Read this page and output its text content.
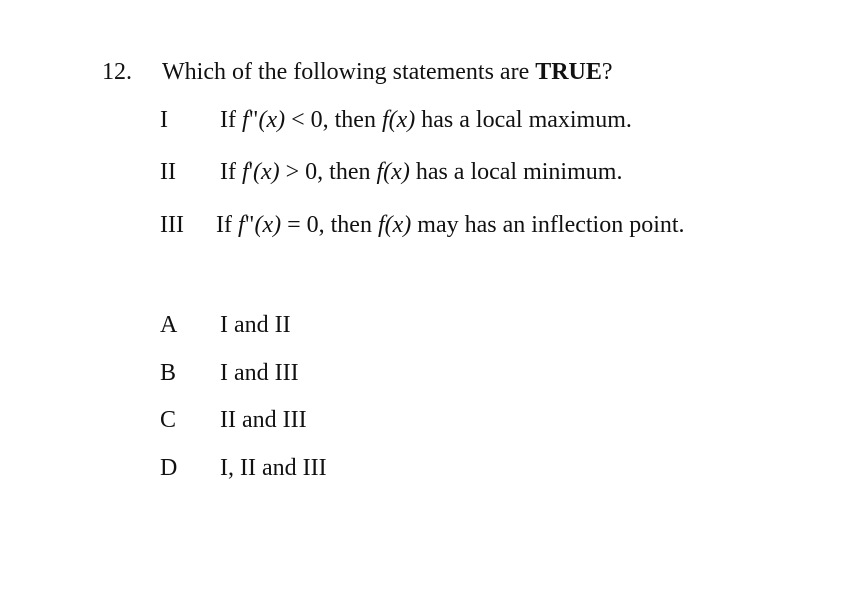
12. Which of the following statements are TRUE?
I If f"(x) < 0, then f(x) has a local maximum.
II If f'(x) > 0, then f(x) has a local minimum.
III If f"(x) = 0, then f(x) may has an inflection point.
A I and II
B I and III
C II and III
D I, II and III
